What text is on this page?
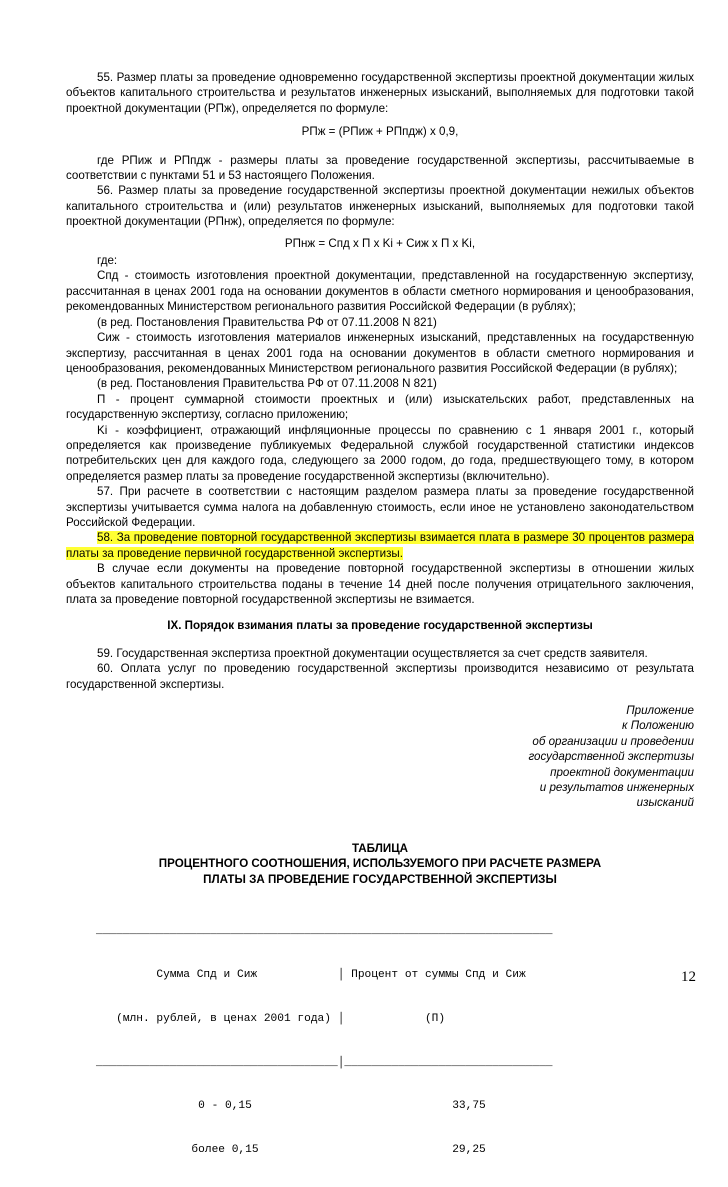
55. Размер платы за проведение одновременно государственной экспертизы проектной документации жилых объектов капитального строительства и результатов инженерных изысканий, выполняемых для подготовки такой проектной документации (РПж), определяется по формуле:

РПж = (РПиж + РПпдж) x 0,9,

где РПиж и РПпдж - размеры платы за проведение государственной экспертизы, рассчитываемые в соответствии с пунктами 51 и 53 настоящего Положения.

56. Размер платы за проведение государственной экспертизы проектной документации нежилых объектов капитального строительства и (или) результатов инженерных изысканий, выполняемых для подготовки такой проектной документации (РПнж), определяется по формуле:

РПнж = Спд x П x Ki + Сиж x П x Ki,

где:

Спд - стоимость изготовления проектной документации, представленной на государственную экспертизу, рассчитанная в ценах 2001 года на основании документов в области сметного нормирования и ценообразования, рекомендованных Министерством регионального развития Российской Федерации (в рублях);

(в ред. Постановления Правительства РФ от 07.11.2008 N 821)

Сиж - стоимость изготовления материалов инженерных изысканий, представленных на государственную экспертизу, рассчитанная в ценах 2001 года на основании документов в области сметного нормирования и ценообразования, рекомендованных Министерством регионального развития Российской Федерации (в рублях);

(в ред. Постановления Правительства РФ от 07.11.2008 N 821)

П - процент суммарной стоимости проектных и (или) изыскательских работ, представленных на государственную экспертизу, согласно приложению;

Ki - коэффициент, отражающий инфляционные процессы по сравнению с 1 января 2001 г., который определяется как произведение публикуемых Федеральной службой государственной статистики индексов потребительских цен для каждого года, следующего за 2000 годом, до года, предшествующего тому, в котором определяется размер платы за проведение государственной экспертизы (включительно).

57. При расчете в соответствии с настоящим разделом размера платы за проведение государственной экспертизы учитывается сумма налога на добавленную стоимость, если иное не установлено законодательством Российской Федерации.

58. За проведение повторной государственной экспертизы взимается плата в размере 30 процентов размера платы за проведение первичной государственной экспертизы.

В случае если документы на проведение повторной государственной экспертизы в отношении жилых объектов капитального строительства поданы в течение 14 дней после получения отрицательного заключения, плата за проведение повторной государственной экспертизы не взимается.

IX. Порядок взимания платы за проведение государственной экспертизы

59. Государственная экспертиза проектной документации осуществляется за счет средств заявителя.

60. Оплата услуг по проведению государственной экспертизы производится независимо от результата государственной экспертизы.

Приложение
к Положению
об организации и проведении
государственной экспертизы
проектной документации
и результатов инженерных
изысканий
ТАБЛИЦА
ПРОЦЕНТНОГО СООТНОШЕНИЯ, ИСПОЛЬЗУЕМОГО ПРИ РАСЧЕТЕ РАЗМЕРА
ПЛАТЫ ЗА ПРОВЕДЕНИЕ ГОСУДАРСТВЕННОЙ ЭКСПЕРТИЗЫ

____________________________________________________________________

Сумма Спд и Сиж            │ Процент от суммы Спд и Сиж

(млн. рублей, в ценах 2001 года) │            (П)

____________________________________│_______________________________

0 - 0,15	33,75

более 0,15	29,25

12
